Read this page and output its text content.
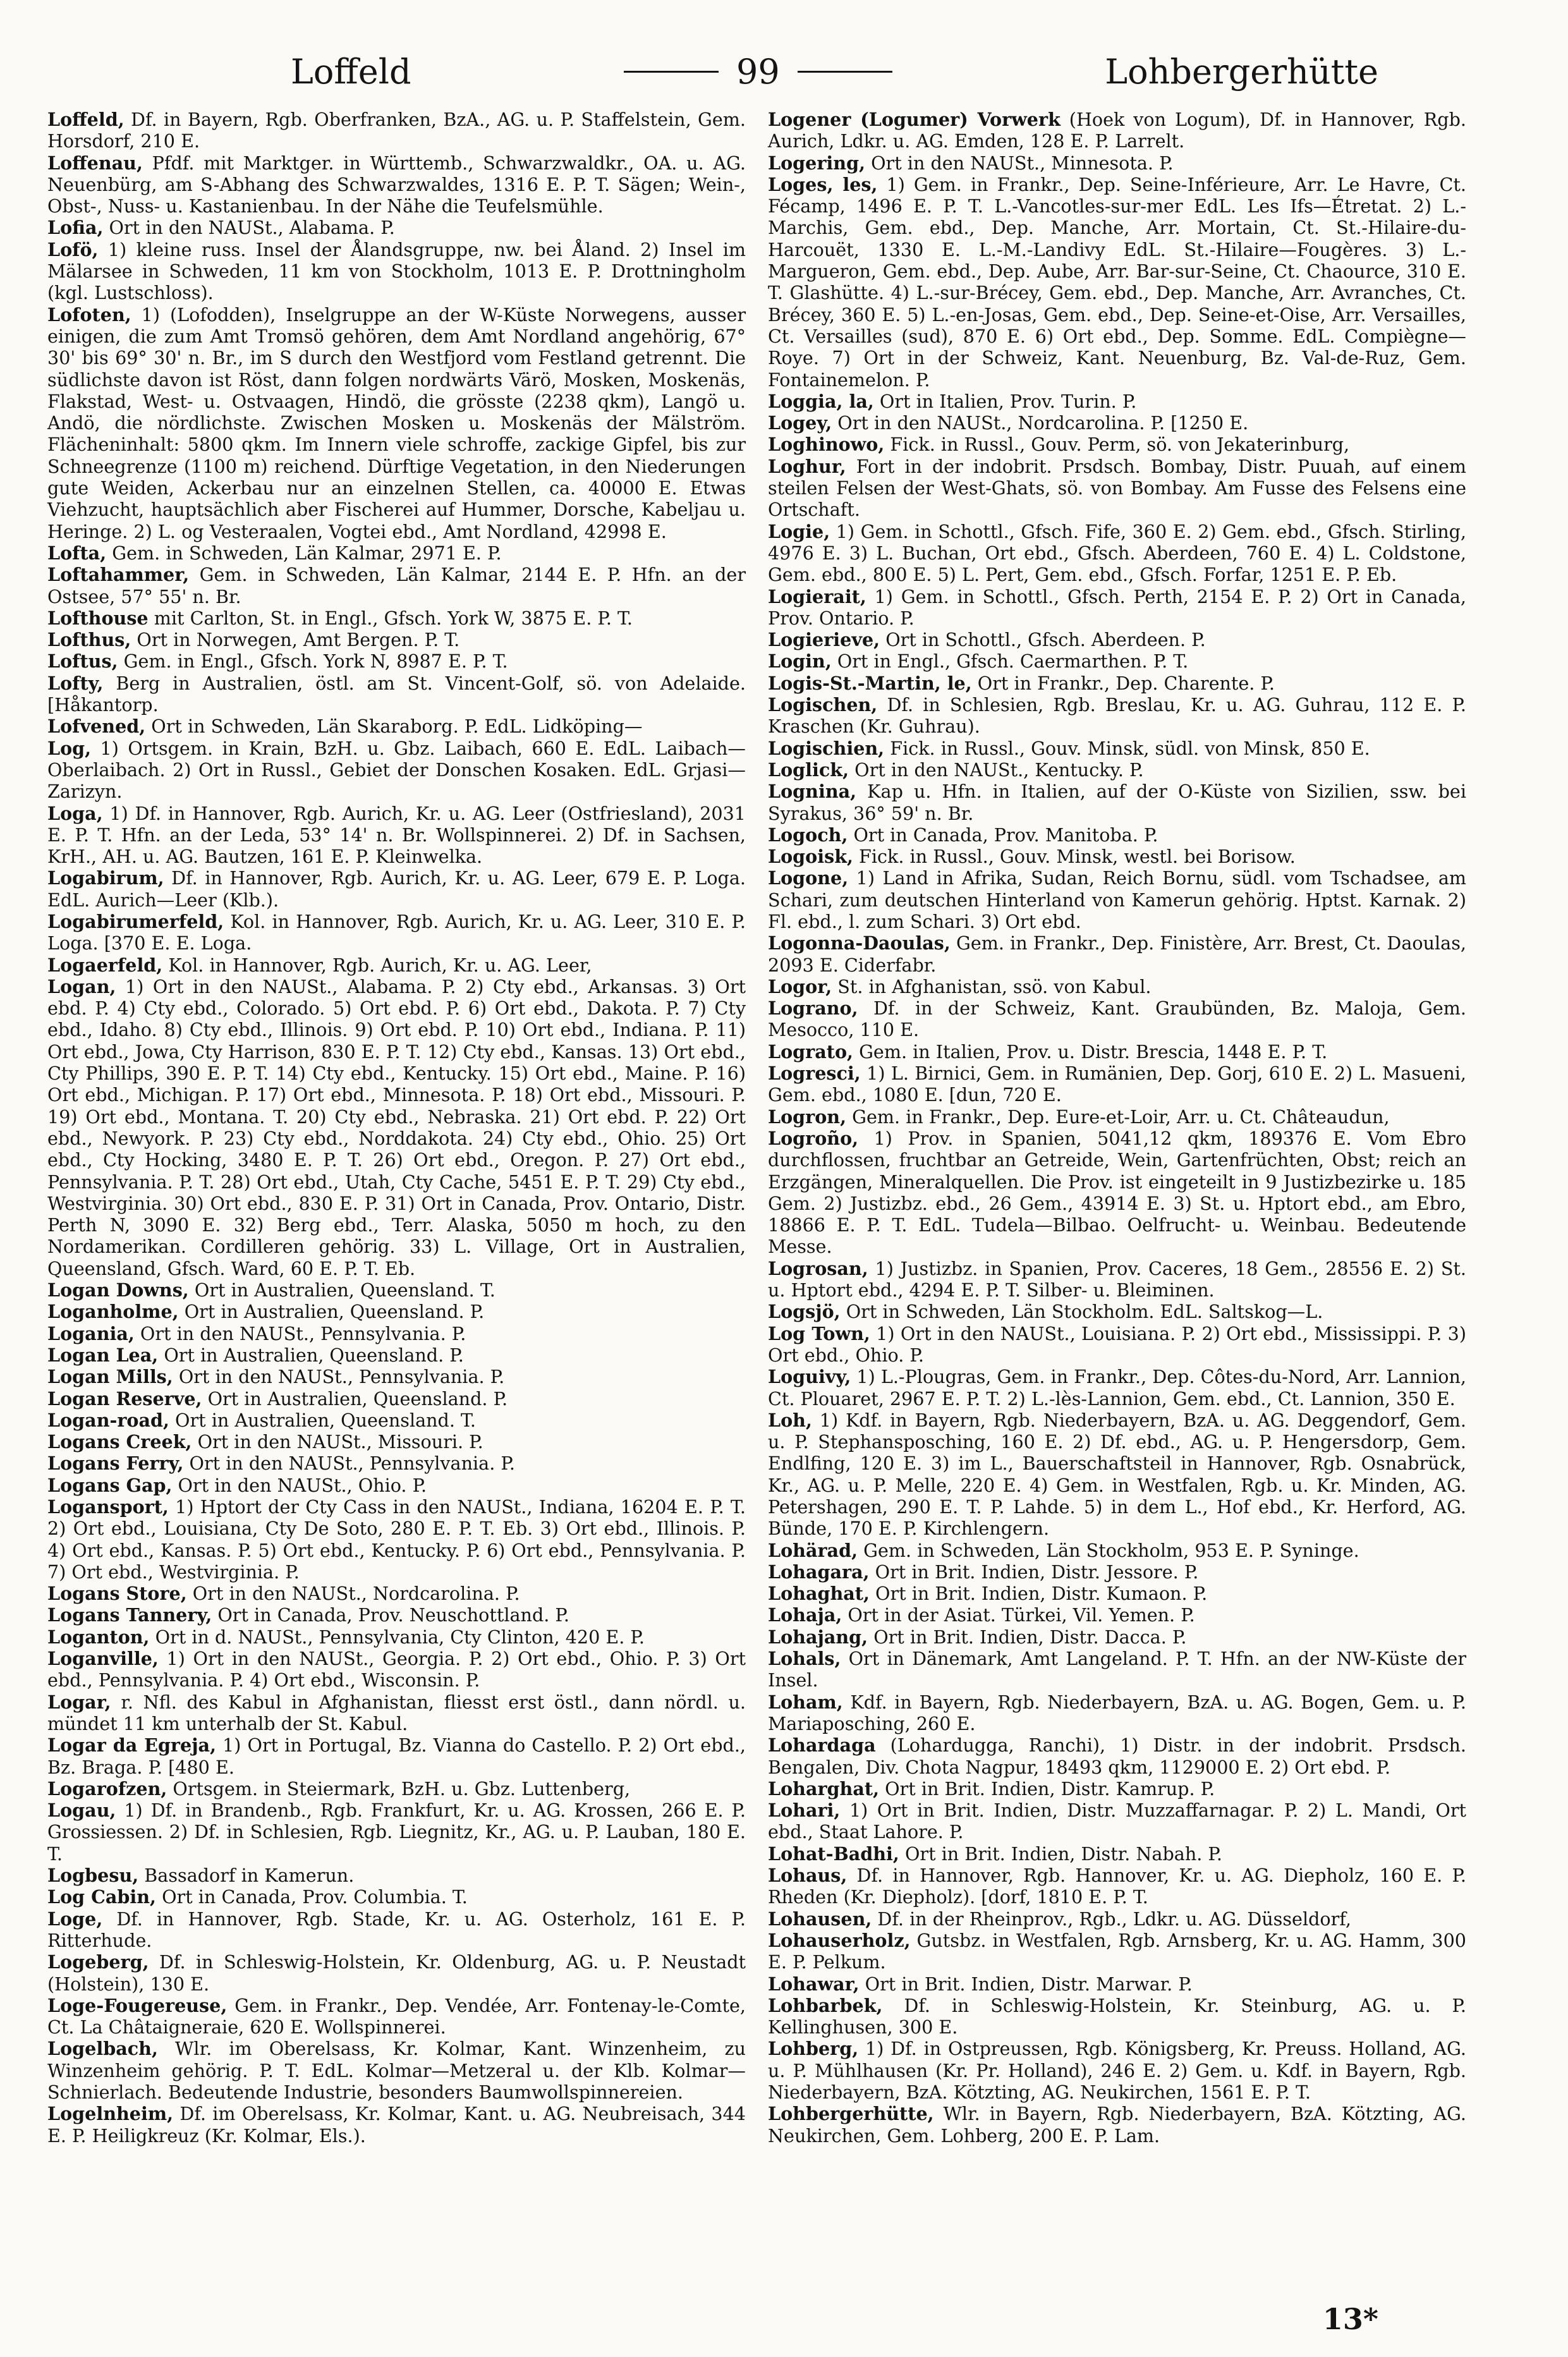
Loffeld	99	Lohbergerhütte

Loffeld, Df. in Bayern, Rgb. Oberfranken, BzA., AG. u. P. Staffelstein, Gem. Horsdorf, 210 E.

Loffenau, Pfdf. mit Marktger. in Württemb., Schwarzwaldkr., OA. u. AG. Neuenbürg, am S-Abhang des Schwarzwaldes, 1316 E. P. T. Sägen; Wein-, Obst-, Nuss- u. Kastanienbau. In der Nähe die Teufelsmühle.

Lofia, Ort in den NAUSt., Alabama. P.

Lofö, 1) kleine russ. Insel der Ålandsgruppe, nw. bei Åland. 2) Insel im Mälarsee in Schweden, 11 km von Stockholm, 1013 E. P. Drottningholm (kgl. Lustschloss).

Lofoten, 1) (Lofodden), Inselgruppe an der W-Küste Norwegens, ausser einigen, die zum Amt Tromsö gehören, dem Amt Nordland angehörig, 67° 30' bis 69° 30' n. Br., im S durch den Westfjord vom Festland getrennt. Die südlichste davon ist Röst, dann folgen nordwärts Värö, Mosken, Moskenäs, Flakstad, West- u. Ostvaagen, Hindö, die grösste (2238 qkm), Langö u. Andö, die nördlichste. Zwischen Mosken u. Moskenäs der Mälström. Flächeninhalt: 5800 qkm. Im Innern viele schroffe, zackige Gipfel, bis zur Schneegrenze (1100 m) reichend. Dürftige Vegetation, in den Niederungen gute Weiden, Ackerbau nur an einzelnen Stellen, ca. 40000 E. Etwas Viehzucht, hauptsächlich aber Fischerei auf Hummer, Dorsche, Kabeljau u. Heringe. 2) L. og Vesteraalen, Vogtei ebd., Amt Nordland, 42998 E.

Lofta, Gem. in Schweden, Län Kalmar, 2971 E. P.

Loftahammer, Gem. in Schweden, Län Kalmar, 2144 E. P. Hfn. an der Ostsee, 57° 55' n. Br.

Lofthouse mit Carlton, St. in Engl., Gfsch. York W, 3875 E. P. T.

Lofthus, Ort in Norwegen, Amt Bergen. P. T.

Loftus, Gem. in Engl., Gfsch. York N, 8987 E. P. T.

Lofty, Berg in Australien, östl. am St. Vincent-Golf, sö. von Adelaide. [Håkantorp.

Lofvened, Ort in Schweden, Län Skaraborg. P. EdL. Lidköping—

Log, 1) Ortsgem. in Krain, BzH. u. Gbz. Laibach, 660 E. EdL. Laibach—Oberlaibach. 2) Ort in Russl., Gebiet der Donschen Kosaken. EdL. Grjasi—Zarizyn.

Loga, 1) Df. in Hannover, Rgb. Aurich, Kr. u. AG. Leer (Ostfriesland), 2031 E. P. T. Hfn. an der Leda, 53° 14' n. Br. Wollspinnerei. 2) Df. in Sachsen, KrH., AH. u. AG. Bautzen, 161 E. P. Kleinwelka.

Logabirum, Df. in Hannover, Rgb. Aurich, Kr. u. AG. Leer, 679 E. P. Loga. EdL. Aurich—Leer (Klb.).

Logabirumerfeld, Kol. in Hannover, Rgb. Aurich, Kr. u. AG. Leer, 310 E. P. Loga. [370 E. E. Loga.

Logaerfeld, Kol. in Hannover, Rgb. Aurich, Kr. u. AG. Leer,

Logan, 1) Ort in den NAUSt., Alabama. P. 2) Cty ebd., Arkansas. 3) Ort ebd. P. 4) Cty ebd., Colorado. 5) Ort ebd. P. 6) Ort ebd., Dakota. P. 7) Cty ebd., Idaho. 8) Cty ebd., Illinois. 9) Ort ebd. P. 10) Ort ebd., Indiana. P. 11) Ort ebd., Jowa, Cty Harrison, 830 E. P. T. 12) Cty ebd., Kansas. 13) Ort ebd., Cty Phillips, 390 E. P. T. 14) Cty ebd., Kentucky. 15) Ort ebd., Maine. P. 16) Ort ebd., Michigan. P. 17) Ort ebd., Minnesota. P. 18) Ort ebd., Missouri. P. 19) Ort ebd., Montana. T. 20) Cty ebd., Nebraska. 21) Ort ebd. P. 22) Ort ebd., Newyork. P. 23) Cty ebd., Norddakota. 24) Cty ebd., Ohio. 25) Ort ebd., Cty Hocking, 3480 E. P. T. 26) Ort ebd., Oregon. P. 27) Ort ebd., Pennsylvania. P. T. 28) Ort ebd., Utah, Cty Cache, 5451 E. P. T. 29) Cty ebd., Westvirginia. 30) Ort ebd., 830 E. P. 31) Ort in Canada, Prov. Ontario, Distr. Perth N, 3090 E. 32) Berg ebd., Terr. Alaska, 5050 m hoch, zu den Nordamerikan. Cordilleren gehörig. 33) L. Village, Ort in Australien, Queensland, Gfsch. Ward, 60 E. P. T. Eb.

Logan Downs, Ort in Australien, Queensland. T.

Loganholme, Ort in Australien, Queensland. P.

Logania, Ort in den NAUSt., Pennsylvania. P.

Logan Lea, Ort in Australien, Queensland. P.

Logan Mills, Ort in den NAUSt., Pennsylvania. P.

Logan Reserve, Ort in Australien, Queensland. P.

Logan-road, Ort in Australien, Queensland. T.

Logans Creek, Ort in den NAUSt., Missouri. P.

Logans Ferry, Ort in den NAUSt., Pennsylvania. P.

Logans Gap, Ort in den NAUSt., Ohio. P.

Logansport, 1) Hptort der Cty Cass in den NAUSt., Indiana, 16204 E. P. T. 2) Ort ebd., Louisiana, Cty De Soto, 280 E. P. T. Eb. 3) Ort ebd., Illinois. P. 4) Ort ebd., Kansas. P. 5) Ort ebd., Kentucky. P. 6) Ort ebd., Pennsylvania. P. 7) Ort ebd., Westvirginia. P.

Logans Store, Ort in den NAUSt., Nordcarolina. P.

Logans Tannery, Ort in Canada, Prov. Neuschottland. P.

Loganton, Ort in d. NAUSt., Pennsylvania, Cty Clinton, 420 E. P.

Loganville, 1) Ort in den NAUSt., Georgia. P. 2) Ort ebd., Ohio. P. 3) Ort ebd., Pennsylvania. P. 4) Ort ebd., Wisconsin. P.

Logar, r. Nfl. des Kabul in Afghanistan, fliesst erst östl., dann nördl. u. mündet 11 km unterhalb der St. Kabul.

Logar da Egreja, 1) Ort in Portugal, Bz. Vianna do Castello. P. 2) Ort ebd., Bz. Braga. P. [480 E.

Logarofzen, Ortsgem. in Steiermark, BzH. u. Gbz. Luttenberg,

Logau, 1) Df. in Brandenb., Rgb. Frankfurt, Kr. u. AG. Krossen, 266 E. P. Grossiessen. 2) Df. in Schlesien, Rgb. Liegnitz, Kr., AG. u. P. Lauban, 180 E. T.

Logbesu, Bassadorf in Kamerun.

Log Cabin, Ort in Canada, Prov. Columbia. T.

Loge, Df. in Hannover, Rgb. Stade, Kr. u. AG. Osterholz, 161 E. P. Ritterhude.

Logeberg, Df. in Schleswig-Holstein, Kr. Oldenburg, AG. u. P. Neustadt (Holstein), 130 E.

Loge-Fougereuse, Gem. in Frankr., Dep. Vendée, Arr. Fontenay-le-Comte, Ct. La Châtaigneraie, 620 E. Wollspinnerei.

Logelbach, Wlr. im Oberelsass, Kr. Kolmar, Kant. Winzenheim, zu Winzenheim gehörig. P. T. EdL. Kolmar—Metzeral u. der Klb. Kolmar—Schnierlach. Bedeutende Industrie, besonders Baumwollspinnereien.

Logelnheim, Df. im Oberelsass, Kr. Kolmar, Kant. u. AG. Neubreisach, 344 E. P. Heiligkreuz (Kr. Kolmar, Els.).

Logener (Logumer) Vorwerk (Hoek von Logum), Df. in Hannover, Rgb. Aurich, Ldkr. u. AG. Emden, 128 E. P. Larrelt.

Logering, Ort in den NAUSt., Minnesota. P.

Loges, les, 1) Gem. in Frankr., Dep. Seine-Inférieure, Arr. Le Havre, Ct. Fécamp, 1496 E. P. T. L.-Vancotles-sur-mer EdL. Les Ifs—Étretat. 2) L.-Marchis, Gem. ebd., Dep. Manche, Arr. Mortain, Ct. St.-Hilaire-du-Harcouët, 1330 E. L.-M.-Landivy EdL. St.-Hilaire—Fougères. 3) L.-Margueron, Gem. ebd., Dep. Aube, Arr. Bar-sur-Seine, Ct. Chaource, 310 E. T. Glashütte. 4) L.-sur-Brécey, Gem. ebd., Dep. Manche, Arr. Avranches, Ct. Brécey, 360 E. 5) L.-en-Josas, Gem. ebd., Dep. Seine-et-Oise, Arr. Versailles, Ct. Versailles (sud), 870 E. 6) Ort ebd., Dep. Somme. EdL. Compiègne—Roye. 7) Ort in der Schweiz, Kant. Neuenburg, Bz. Val-de-Ruz, Gem. Fontainemelon. P.

Loggia, la, Ort in Italien, Prov. Turin. P.

Logey, Ort in den NAUSt., Nordcarolina. P. [1250 E.

Loghinowo, Fick. in Russl., Gouv. Perm, sö. von Jekaterinburg,

Loghur, Fort in der indobrit. Prsdsch. Bombay, Distr. Puuah, auf einem steilen Felsen der West-Ghats, sö. von Bombay. Am Fusse des Felsens eine Ortschaft.

Logie, 1) Gem. in Schottl., Gfsch. Fife, 360 E. 2) Gem. ebd., Gfsch. Stirling, 4976 E. 3) L. Buchan, Ort ebd., Gfsch. Aberdeen, 760 E. 4) L. Coldstone, Gem. ebd., 800 E. 5) L. Pert, Gem. ebd., Gfsch. Forfar, 1251 E. P. Eb.

Logierait, 1) Gem. in Schottl., Gfsch. Perth, 2154 E. P. 2) Ort in Canada, Prov. Ontario. P.

Logierieve, Ort in Schottl., Gfsch. Aberdeen. P.

Login, Ort in Engl., Gfsch. Caermarthen. P. T.

Logis-St.-Martin, le, Ort in Frankr., Dep. Charente. P.

Logischen, Df. in Schlesien, Rgb. Breslau, Kr. u. AG. Guhrau, 112 E. P. Kraschen (Kr. Guhrau).

Logischien, Fick. in Russl., Gouv. Minsk, südl. von Minsk, 850 E.

Loglick, Ort in den NAUSt., Kentucky. P.

Lognina, Kap u. Hfn. in Italien, auf der O-Küste von Sizilien, ssw. bei Syrakus, 36° 59' n. Br.

Logoch, Ort in Canada, Prov. Manitoba. P.

Logoisk, Fick. in Russl., Gouv. Minsk, westl. bei Borisow.

Logone, 1) Land in Afrika, Sudan, Reich Bornu, südl. vom Tschadsee, am Schari, zum deutschen Hinterland von Kamerun gehörig. Hptst. Karnak. 2) Fl. ebd., l. zum Schari. 3) Ort ebd.

Logonna-Daoulas, Gem. in Frankr., Dep. Finistère, Arr. Brest, Ct. Daoulas, 2093 E. Ciderfabr.

Logor, St. in Afghanistan, ssö. von Kabul.

Lograno, Df. in der Schweiz, Kant. Graubünden, Bz. Maloja, Gem. Mesocco, 110 E.

Lograto, Gem. in Italien, Prov. u. Distr. Brescia, 1448 E. P. T.

Logresci, 1) L. Birnici, Gem. in Rumänien, Dep. Gorj, 610 E. 2) L. Masueni, Gem. ebd., 1080 E. [dun, 720 E.

Logron, Gem. in Frankr., Dep. Eure-et-Loir, Arr. u. Ct. Châteaudun,

Logroño, 1) Prov. in Spanien, 5041,12 qkm, 189376 E. Vom Ebro durchflossen, fruchtbar an Getreide, Wein, Gartenfrüchten, Obst; reich an Erzgängen, Mineralquellen. Die Prov. ist eingeteilt in 9 Justizbezirke u. 185 Gem. 2) Justizbz. ebd., 26 Gem., 43914 E. 3) St. u. Hptort ebd., am Ebro, 18866 E. P. T. EdL. Tudela—Bilbao. Oelfrucht- u. Weinbau. Bedeutende Messe.

Logrosan, 1) Justizbz. in Spanien, Prov. Caceres, 18 Gem., 28556 E. 2) St. u. Hptort ebd., 4294 E. P. T. Silber- u. Bleiminen.

Logsjö, Ort in Schweden, Län Stockholm. EdL. Saltskog—L.

Log Town, 1) Ort in den NAUSt., Louisiana. P. 2) Ort ebd., Mississippi. P. 3) Ort ebd., Ohio. P.

Loguivy, 1) L.-Plougras, Gem. in Frankr., Dep. Côtes-du-Nord, Arr. Lannion, Ct. Plouaret, 2967 E. P. T. 2) L.-lès-Lannion, Gem. ebd., Ct. Lannion, 350 E.

Loh, 1) Kdf. in Bayern, Rgb. Niederbayern, BzA. u. AG. Deggendorf, Gem. u. P. Stephansposching, 160 E. 2) Df. ebd., AG. u. P. Hengersdorp, Gem. Endlfing, 120 E. 3) im L., Bauerschaftsteil in Hannover, Rgb. Osnabrück, Kr., AG. u. P. Melle, 220 E. 4) Gem. in Westfalen, Rgb. u. Kr. Minden, AG. Petershagen, 290 E. T. P. Lahde. 5) in dem L., Hof ebd., Kr. Herford, AG. Bünde, 170 E. P. Kirchlengern.

Lohärad, Gem. in Schweden, Län Stockholm, 953 E. P. Syninge.

Lohagara, Ort in Brit. Indien, Distr. Jessore. P.

Lohaghat, Ort in Brit. Indien, Distr. Kumaon. P.

Lohaja, Ort in der Asiat. Türkei, Vil. Yemen. P.

Lohajang, Ort in Brit. Indien, Distr. Dacca. P.

Lohals, Ort in Dänemark, Amt Langeland. P. T. Hfn. an der NW-Küste der Insel.

Loham, Kdf. in Bayern, Rgb. Niederbayern, BzA. u. AG. Bogen, Gem. u. P. Mariaposching, 260 E.

Lohardaga (Lohardugga, Ranchi), 1) Distr. in der indobrit. Prsdsch. Bengalen, Div. Chota Nagpur, 18493 qkm, 1129000 E. 2) Ort ebd. P.

Loharghat, Ort in Brit. Indien, Distr. Kamrup. P.

Lohari, 1) Ort in Brit. Indien, Distr. Muzzaffarnagar. P. 2) L. Mandi, Ort ebd., Staat Lahore. P.

Lohat-Badhi, Ort in Brit. Indien, Distr. Nabah. P.

Lohaus, Df. in Hannover, Rgb. Hannover, Kr. u. AG. Diepholz, 160 E. P. Rheden (Kr. Diepholz). [dorf, 1810 E. P. T.

Lohausen, Df. in der Rheinprov., Rgb., Ldkr. u. AG. Düsseldorf,

Lohauserholz, Gutsbz. in Westfalen, Rgb. Arnsberg, Kr. u. AG. Hamm, 300 E. P. Pelkum.

Lohawar, Ort in Brit. Indien, Distr. Marwar. P.

Lohbarbek, Df. in Schleswig-Holstein, Kr. Steinburg, AG. u. P. Kellinghusen, 300 E.

Lohberg, 1) Df. in Ostpreussen, Rgb. Königsberg, Kr. Preuss. Holland, AG. u. P. Mühlhausen (Kr. Pr. Holland), 246 E. 2) Gem. u. Kdf. in Bayern, Rgb. Niederbayern, BzA. Kötzting, AG. Neukirchen, 1561 E. P. T.

Lohbergerhütte, Wlr. in Bayern, Rgb. Niederbayern, BzA. Kötzting, AG. Neukirchen, Gem. Lohberg, 200 E. P. Lam.

13*
